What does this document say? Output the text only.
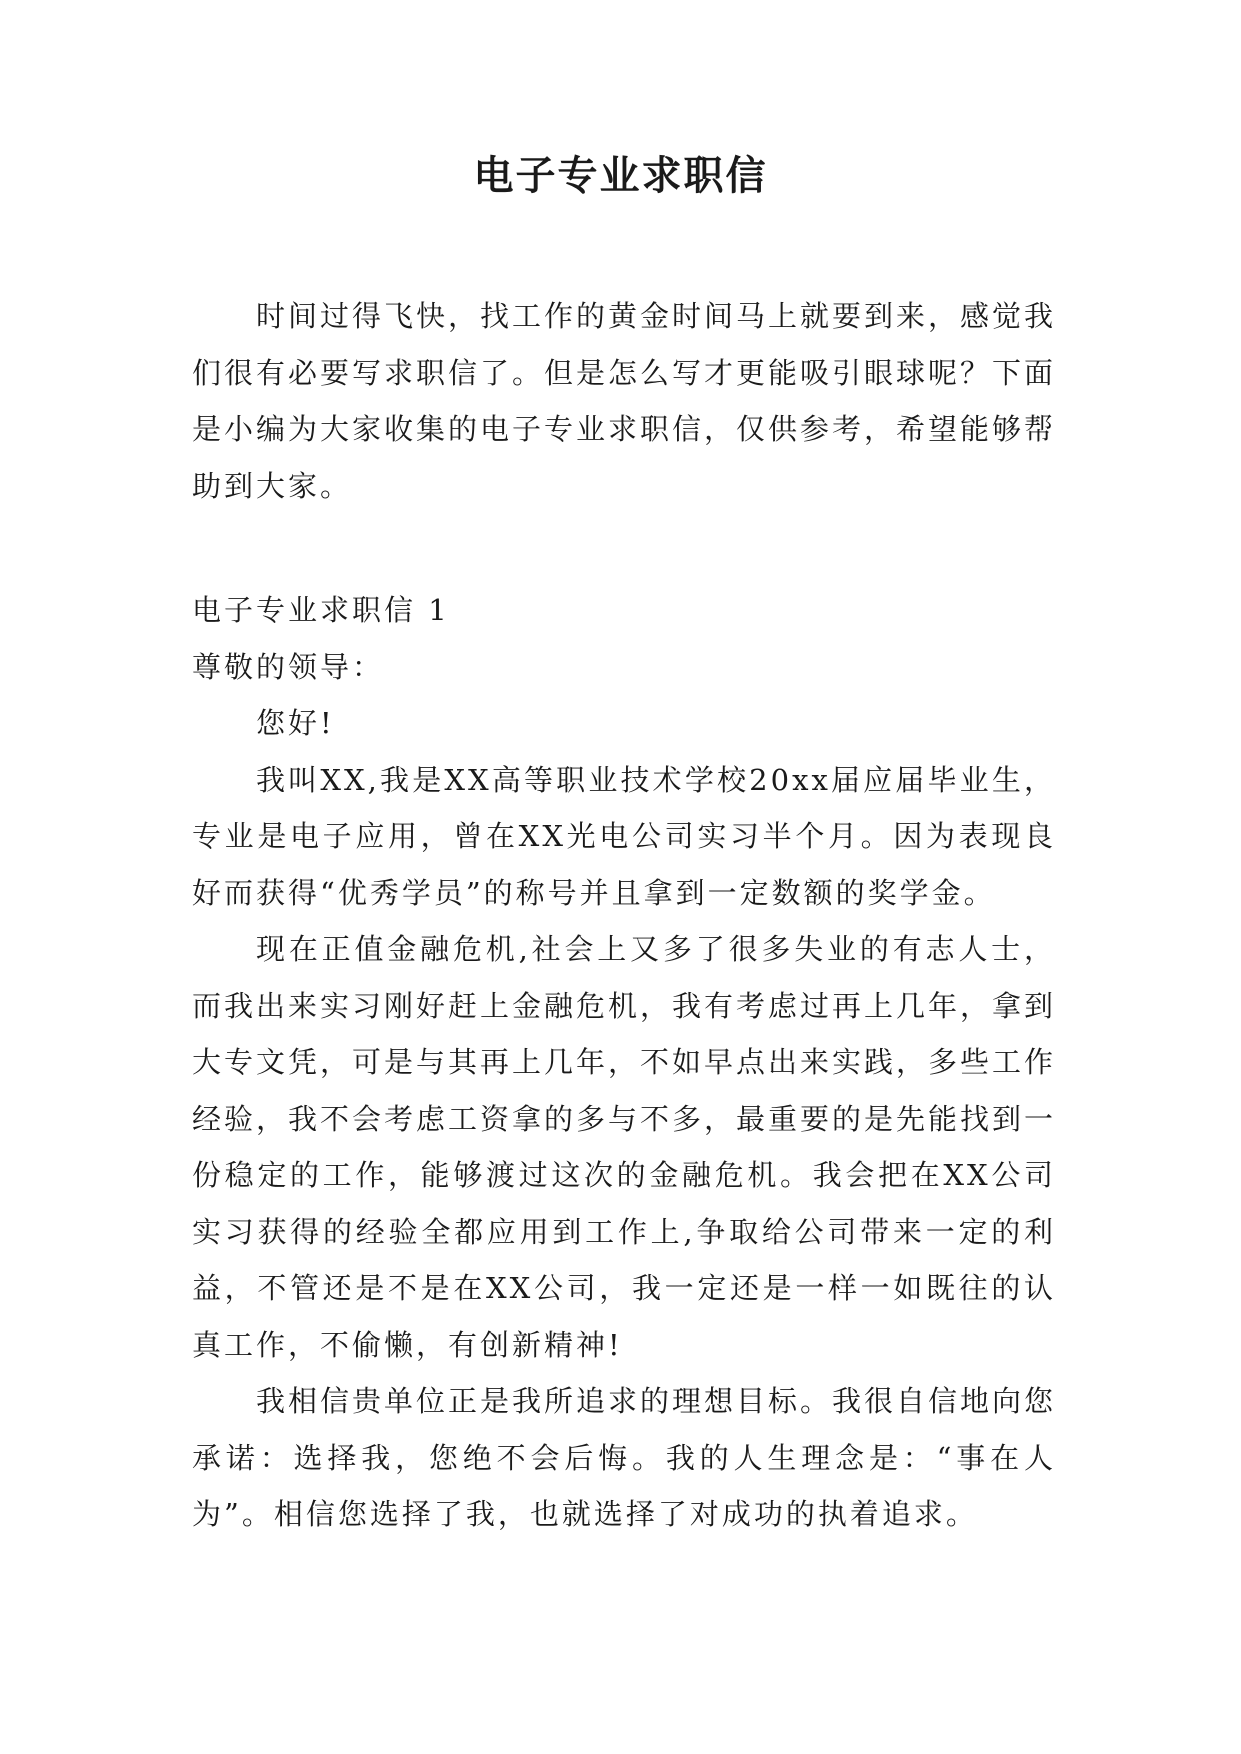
电子专业求职信

时间过得飞快，找工作的黄金时间马上就要到来，感觉我们很有必要写求职信了。但是怎么写才更能吸引眼球呢？下面是小编为大家收集的电子专业求职信，仅供参考，希望能够帮助到大家。

电子专业求职信 1

尊敬的领导：

您好!

我叫XX,我是XX高等职业技术学校20xx届应届毕业生，专业是电子应用，曾在XX光电公司实习半个月。因为表现良好而获得“优秀学员”的称号并且拿到一定数额的奖学金。

现在正值金融危机,社会上又多了很多失业的有志人士，而我出来实习刚好赶上金融危机，我有考虑过再上几年，拿到大专文凭，可是与其再上几年，不如早点出来实践，多些工作经验，我不会考虑工资拿的多与不多，最重要的是先能找到一份稳定的工作，能够渡过这次的金融危机。我会把在XX公司实习获得的经验全都应用到工作上,争取给公司带来一定的利益，不管还是不是在XX公司，我一定还是一样一如既往的认真工作，不偷懒，有创新精神!

我相信贵单位正是我所追求的理想目标。我很自信地向您承诺：选择我，您绝不会后悔。我的人生理念是：“事在人为”。相信您选择了我，也就选择了对成功的执着追求。
